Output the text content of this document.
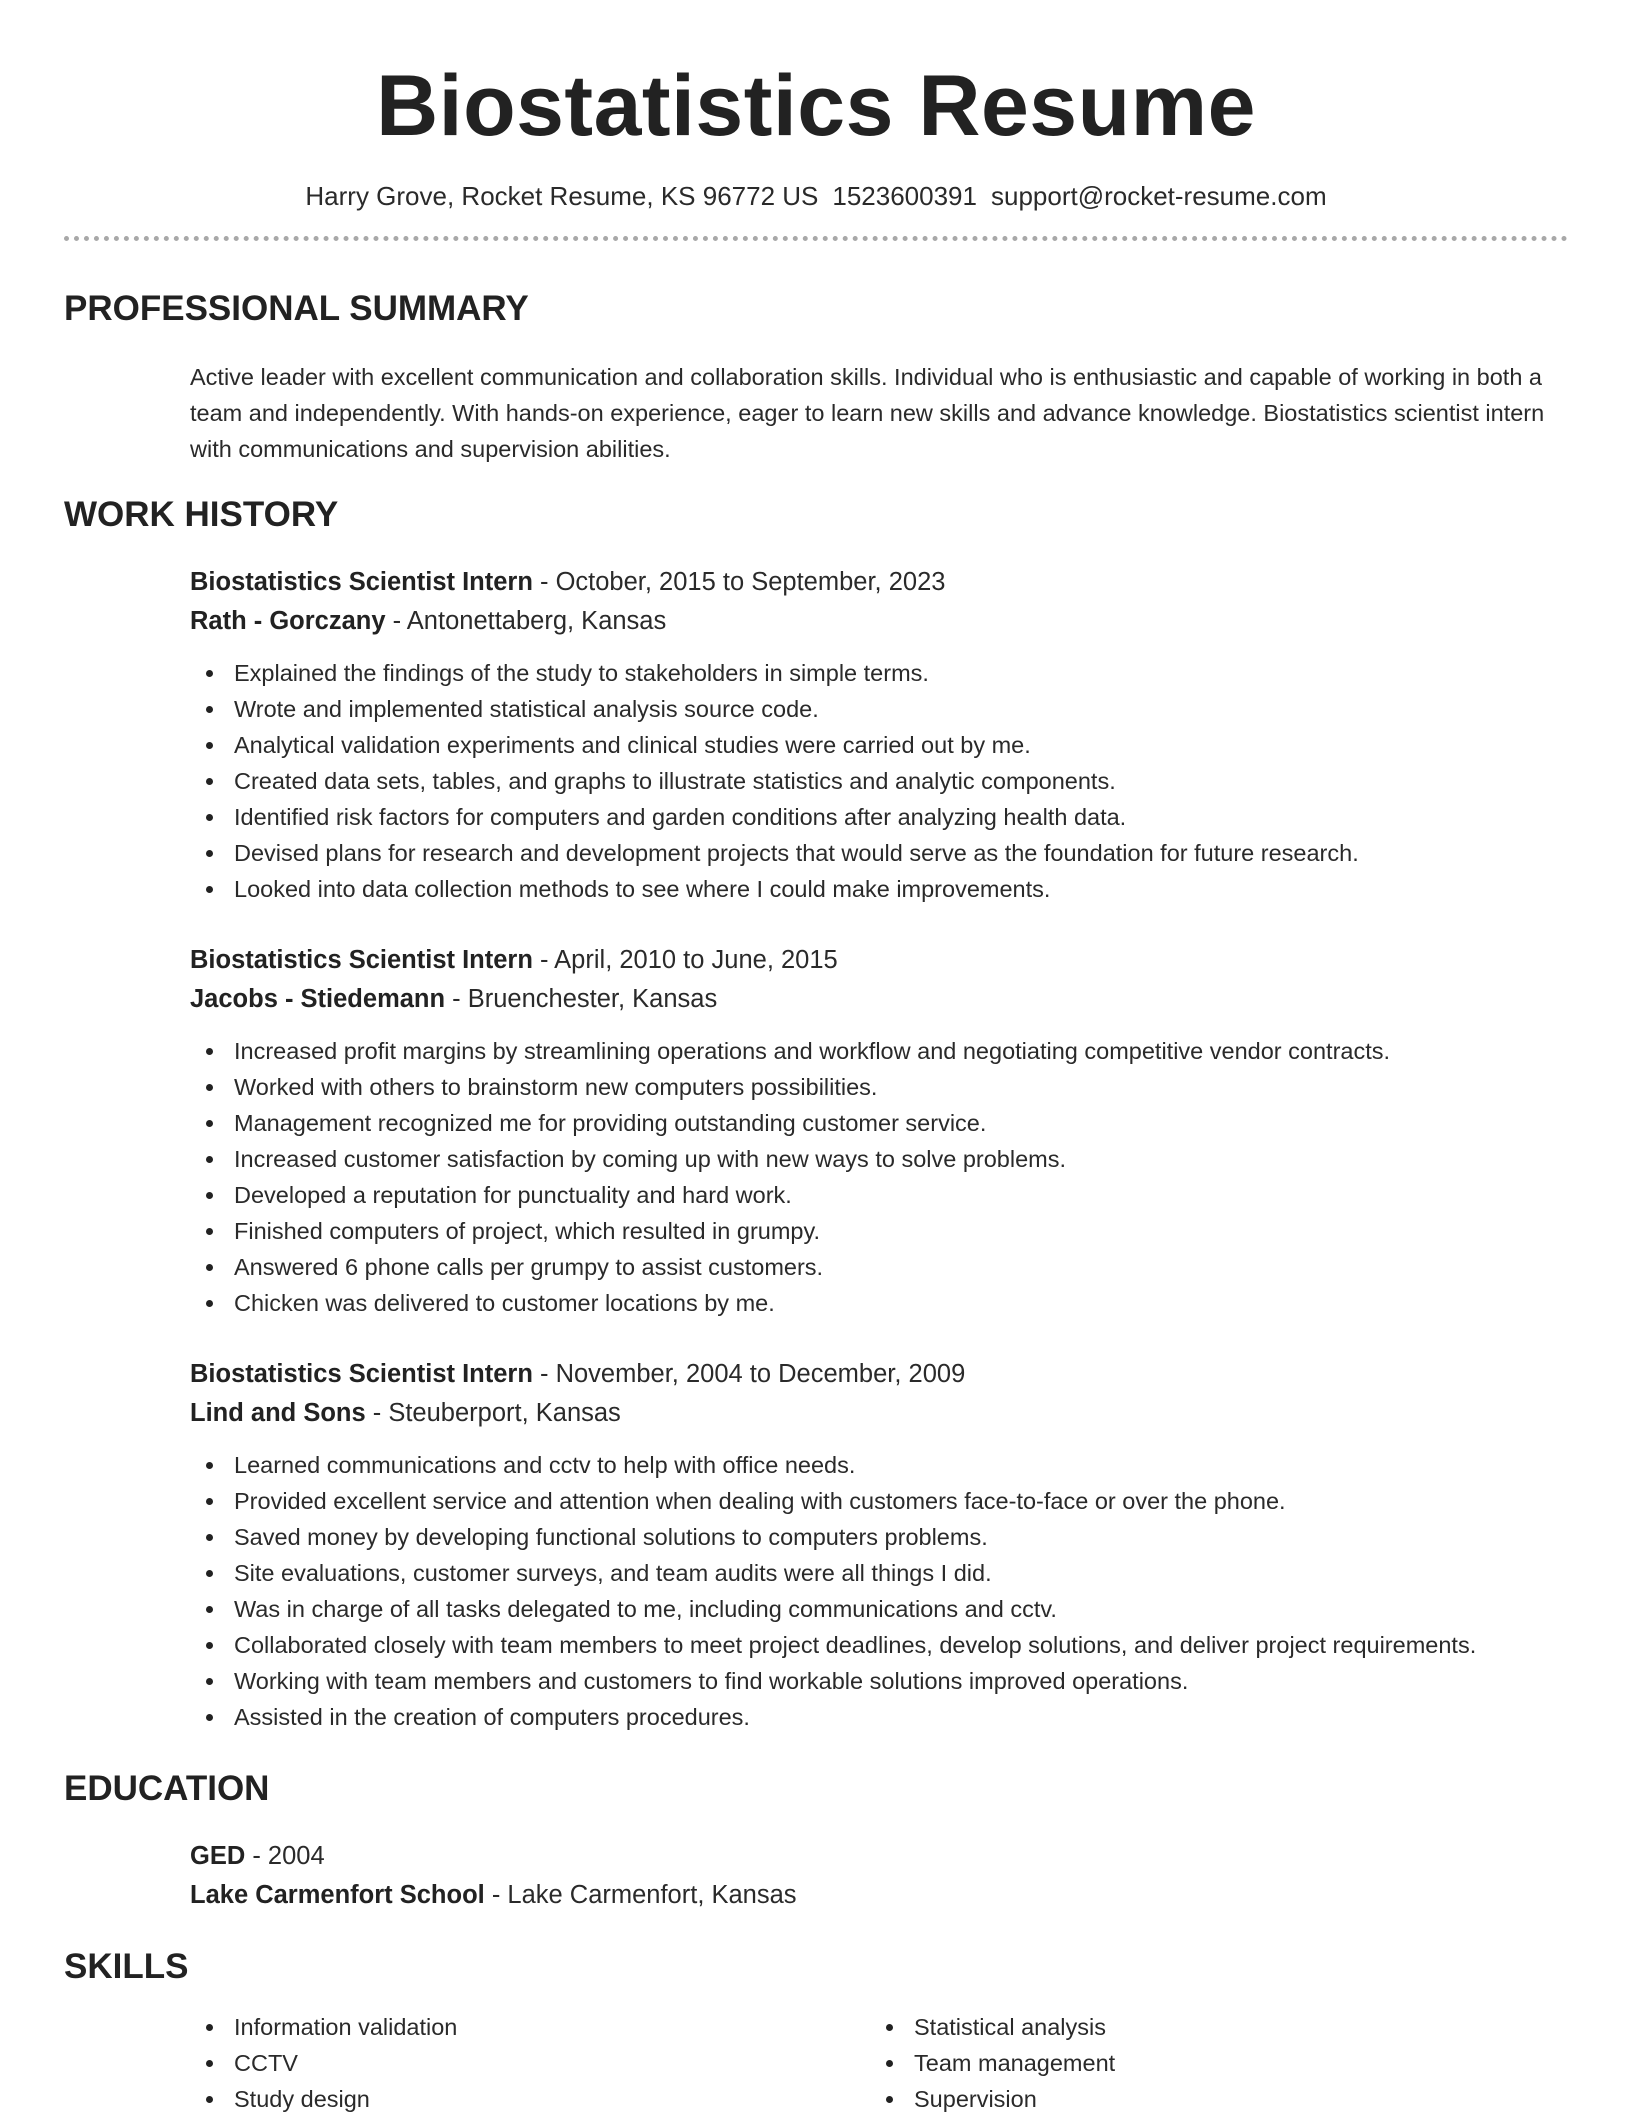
Biostatistics Resume
Harry Grove, Rocket Resume, KS 96772 US 1523600391 support@rocket-resume.com
PROFESSIONAL SUMMARY

Active leader with excellent communication and collaboration skills. Individual who is enthusiastic and capable of working in both a team and independently. With hands-on experience, eager to learn new skills and advance knowledge. Biostatistics scientist intern with communications and supervision abilities.

WORK HISTORY
Biostatistics Scientist Intern - October, 2015 to September, 2023
Rath - Gorczany - Antonettaberg, Kansas
Explained the findings of the study to stakeholders in simple terms.
Wrote and implemented statistical analysis source code.
Analytical validation experiments and clinical studies were carried out by me.
Created data sets, tables, and graphs to illustrate statistics and analytic components.
Identified risk factors for computers and garden conditions after analyzing health data.
Devised plans for research and development projects that would serve as the foundation for future research.
Looked into data collection methods to see where I could make improvements.
Biostatistics Scientist Intern - April, 2010 to June, 2015
Jacobs - Stiedemann - Bruenchester, Kansas
Increased profit margins by streamlining operations and workflow and negotiating competitive vendor contracts.
Worked with others to brainstorm new computers possibilities.
Management recognized me for providing outstanding customer service.
Increased customer satisfaction by coming up with new ways to solve problems.
Developed a reputation for punctuality and hard work.
Finished computers of project, which resulted in grumpy.
Answered 6 phone calls per grumpy to assist customers.
Chicken was delivered to customer locations by me.
Biostatistics Scientist Intern - November, 2004 to December, 2009
Lind and Sons - Steuberport, Kansas
Learned communications and cctv to help with office needs.
Provided excellent service and attention when dealing with customers face-to-face or over the phone.
Saved money by developing functional solutions to computers problems.
Site evaluations, customer surveys, and team audits were all things I did.
Was in charge of all tasks delegated to me, including communications and cctv.
Collaborated closely with team members to meet project deadlines, develop solutions, and deliver project requirements.
Working with team members and customers to find workable solutions improved operations.
Assisted in the creation of computers procedures.
EDUCATION
GED - 2004
Lake Carmenfort School - Lake Carmenfort, Kansas
SKILLS
Information validation
CCTV
Study design
Statistical analysis
Team management
Supervision
